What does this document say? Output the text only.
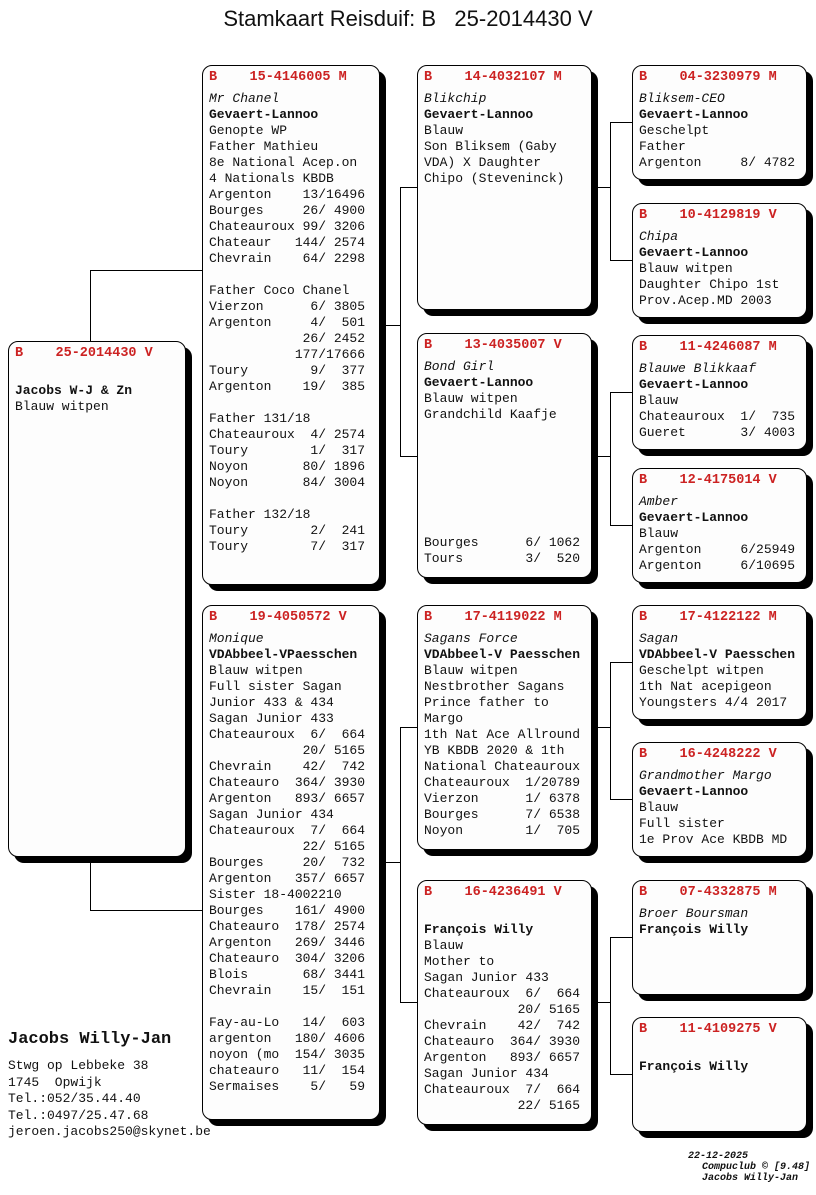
Stamkaart Reisduif: B   25-2014430 V
B    25-2014430 V
Jacobs W-J & Zn
Blauw witpen
B    15-4146005 M
Mr Chanel
Gevaert-Lannoo
Genopte WP
Father Mathieu
8e National Acep.on
4 Nationals KBDB
Argenton    13/16496
Bourges     26/ 4900
Chateauroux 99/ 3206
Chateaur   144/ 2574
Chevrain    64/ 2298
Father Coco Chanel
Vierzon      6/ 3805
Argenton     4/  501
26/ 2452
177/17666
Toury        9/  377
Argenton    19/  385
Father 131/18
Chateauroux  4/ 2574
Toury        1/  317
Noyon       80/ 1896
Noyon       84/ 3004
Father 132/18
Toury        2/  241
Toury        7/  317
B    19-4050572 V
Monique
VDAbbeel-VPaesschen
Blauw witpen
Full sister Sagan
Junior 433 & 434
Sagan Junior 433
Chateauroux  6/  664
20/ 5165
Chevrain    42/  742
Chateauro  364/ 3930
Argenton   893/ 6657
Sagan Junior 434
Chateauroux  7/  664
22/ 5165
Bourges     20/  732
Argenton   357/ 6657
Sister 18-4002210
Bourges    161/ 4900
Chateauro  178/ 2574
Argenton   269/ 3446
Chateauro  304/ 3206
Blois       68/ 3441
Chevrain    15/  151
Fay-au-Lo   14/  603
argenton   180/ 4606
noyon (mo  154/ 3035
chateauro   11/  154
Sermaises    5/   59
B    14-4032107 M
Blikchip
Gevaert-Lannoo
Blauw
Son Bliksem (Gaby
VDA) X Daughter
Chipo (Steveninck)
B    13-4035007 V
Bond Girl
Gevaert-Lannoo
Blauw witpen
Grandchild Kaafje
Bourges      6/ 1062
Tours        3/  520
B    17-4119022 M
Sagans Force
VDAbbeel-V Paesschen
Blauw witpen
Nestbrother Sagans
Prince father to
Margo
1th Nat Ace Allround
YB KBDB 2020 & 1th
National Chateauroux
Chateauroux  1/20789
Vierzon      1/ 6378
Bourges      7/ 6538
Noyon        1/  705
B    16-4236491 V
François Willy
Blauw
Mother to
Sagan Junior 433
Chateauroux  6/  664
20/ 5165
Chevrain    42/  742
Chateauro  364/ 3930
Argenton   893/ 6657
Sagan Junior 434
Chateauroux  7/  664
22/ 5165
B    04-3230979 M
Bliksem-CEO
Gevaert-Lannoo
Geschelpt
Father
Argenton     8/ 4782
B    10-4129819 V
Chipa
Gevaert-Lannoo
Blauw witpen
Daughter Chipo 1st
Prov.Acep.MD 2003
B    11-4246087 M
Blauwe Blikkaaf
Gevaert-Lannoo
Blauw
Chateauroux  1/  735
Gueret       3/ 4003
B    12-4175014 V
Amber
Gevaert-Lannoo
Blauw
Argenton     6/25949
Argenton     6/10695
B    17-4122122 M
Sagan
VDAbbeel-V Paesschen
Geschelpt witpen
1th Nat acepigeon
Youngsters 4/4 2017
B    16-4248222 V
Grandmother Margo
Gevaert-Lannoo
Blauw
Full sister
1e Prov Ace KBDB MD
B    07-4332875 M
Broer Boursman
François Willy
B    11-4109275 V
François Willy
Jacobs Willy-Jan
Stwg op Lebbeke 38
1745  Opwijk
Tel.:052/35.44.40
Tel.:0497/25.47.68
jeroen.jacobs250@skynet.be

22-12-2025
Compuclub © [9.48]
Jacobs Willy-Jan
